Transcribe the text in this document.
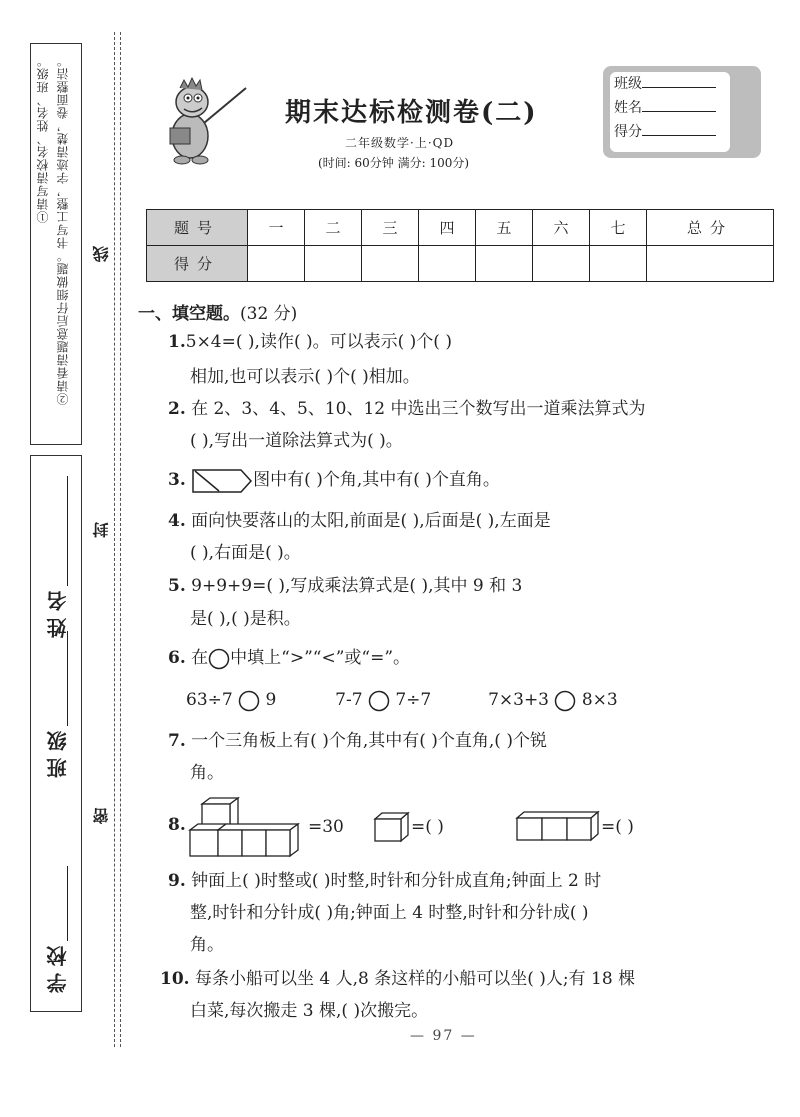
①请写清校名、姓名、班级。 ②请看清题意后仔细做题。书写工整，字迹清楚，卷面整洁。
学 校
班 级
姓 名
线
封
密
期末达标检测卷(二)
二年级数学·上·QD
(时间: 60分钟 满分: 100分)
班级
姓名
得分
题号	一	二	三	四	五	六	七	总分
得分								
一、填空题。(32 分)
1.5×4=( ),读作( )。可以表示( )个( )
相加,也可以表示( )个( )相加。
2. 在 2、3、4、5、10、12 中选出三个数写出一道乘法算式为
( ),写出一道除法算式为( )。
3.	图中有( )个角,其中有( )个直角。
4. 面向快要落山的太阳,前面是( ),后面是( ),左面是
( ),右面是( )。
5. 9+9+9=( ),写成乘法算式是( ),其中 9 和 3
是( ),( )是积。
6. 在 中填上“>”“<”或“=”。
63÷7 9	7-7 7÷7	7×3+3 8×3
7. 一个三角板上有( )个角,其中有( )个直角,( )个锐
角。
8.	=30	=( )	=( )
9. 钟面上( )时整或( )时整,时针和分针成直角;钟面上 2 时
整,时针和分针成( )角;钟面上 4 时整,时针和分针成( )
角。
10. 每条小船可以坐 4 人,8 条这样的小船可以坐( )人;有 18 棵
白菜,每次搬走 3 棵,( )次搬完。
— 97 —
